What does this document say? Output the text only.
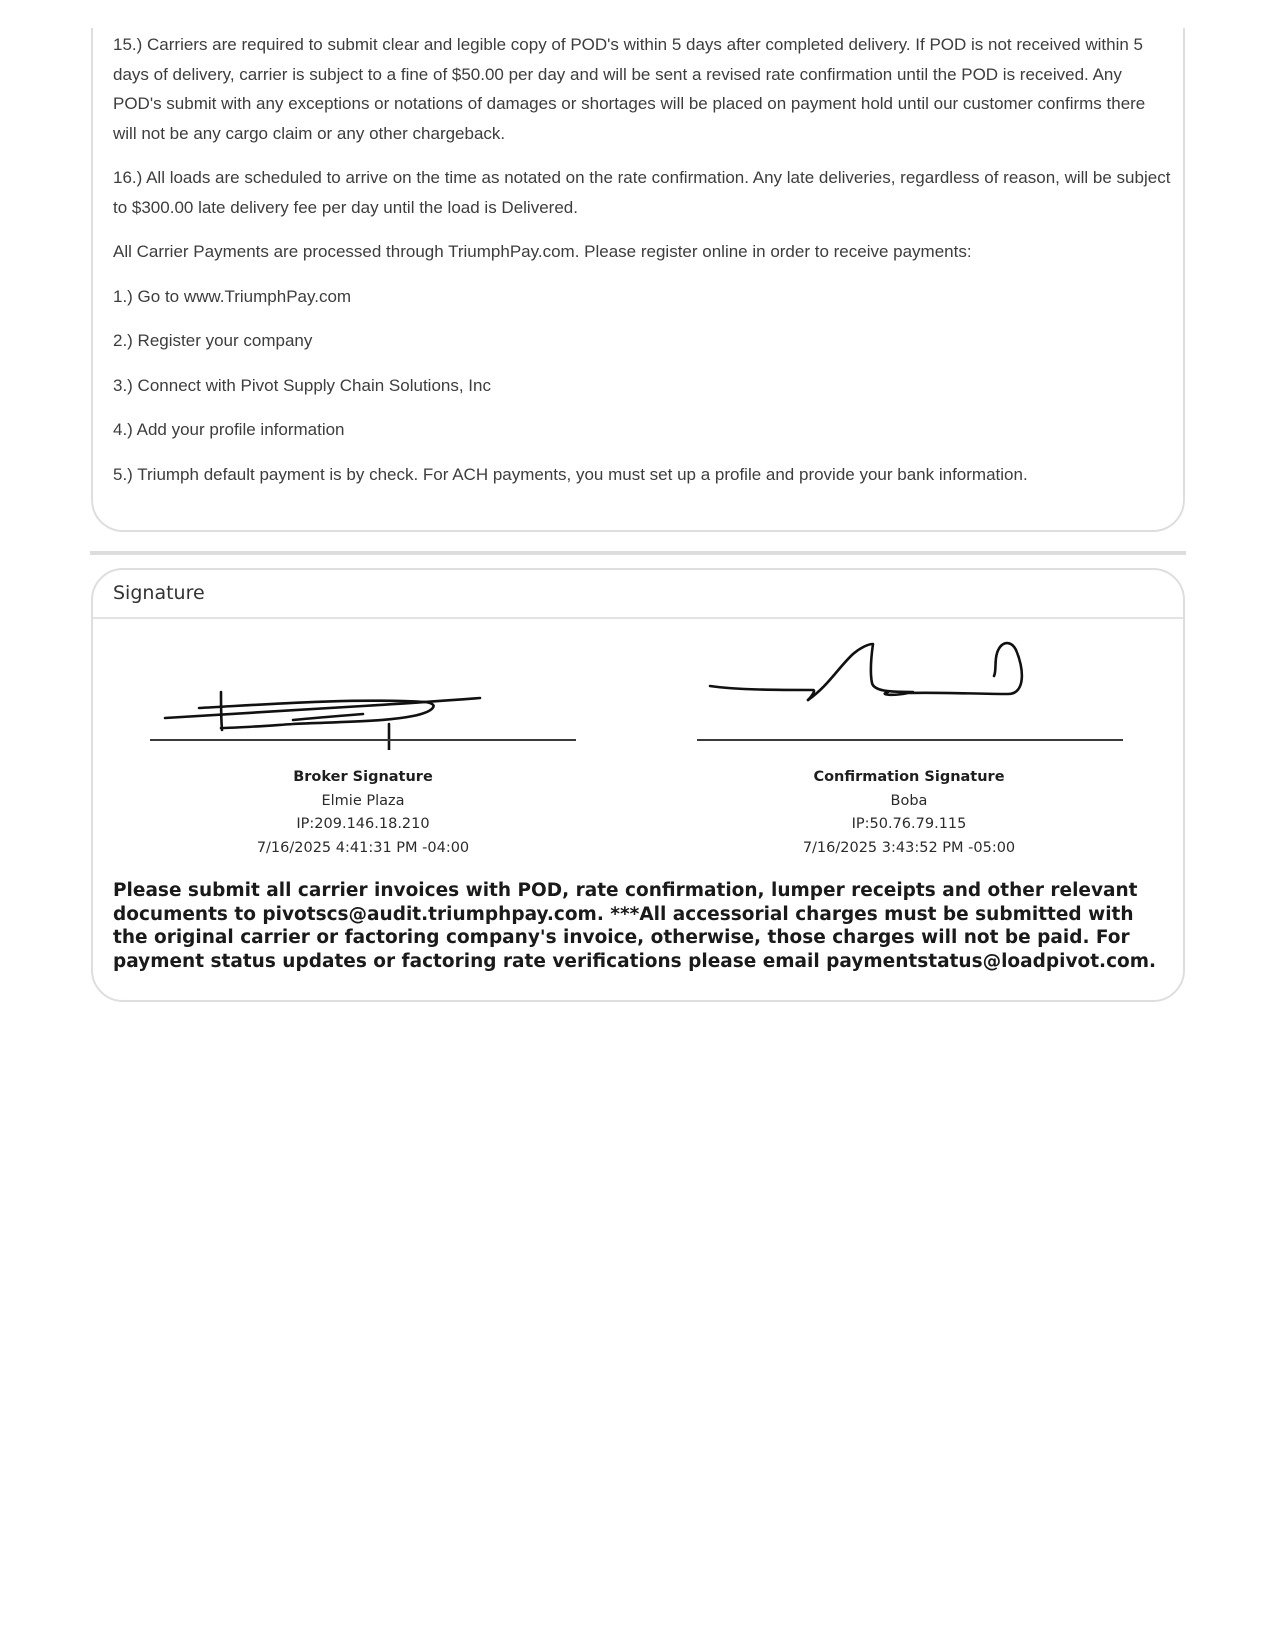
15.) Carriers are required to submit clear and legible copy of POD's within 5 days after completed delivery. If POD is not received within 5 days of delivery, carrier is subject to a fine of $50.00 per day and will be sent a revised rate confirmation until the POD is received. Any POD's submit with any exceptions or notations of damages or shortages will be placed on payment hold until our customer confirms there will not be any cargo claim or any other chargeback.

16.) All loads are scheduled to arrive on the time as notated on the rate confirmation. Any late deliveries, regardless of reason, will be subject to $300.00 late delivery fee per day until the load is Delivered.

All Carrier Payments are processed through TriumphPay.com. Please register online in order to receive payments:

1.) Go to www.TriumphPay.com

2.) Register your company

3.) Connect with Pivot Supply Chain Solutions, Inc

4.) Add your profile information

5.) Triumph default payment is by check. For ACH payments, you must set up a profile and provide your bank information.

Signature
Broker Signature
Elmie Plaza
IP:209.146.18.210
7/16/2025 4:41:31 PM -04:00
Confirmation Signature
Boba
IP:50.76.79.115
7/16/2025 3:43:52 PM -05:00
Please submit all carrier invoices with POD, rate confirmation, lumper receipts and other relevant documents to pivotscs@audit.triumphpay.com. ***All accessorial charges must be submitted with the original carrier or factoring company's invoice, otherwise, those charges will not be paid. For payment status updates or factoring rate verifications please email paymentstatus@loadpivot.com.
